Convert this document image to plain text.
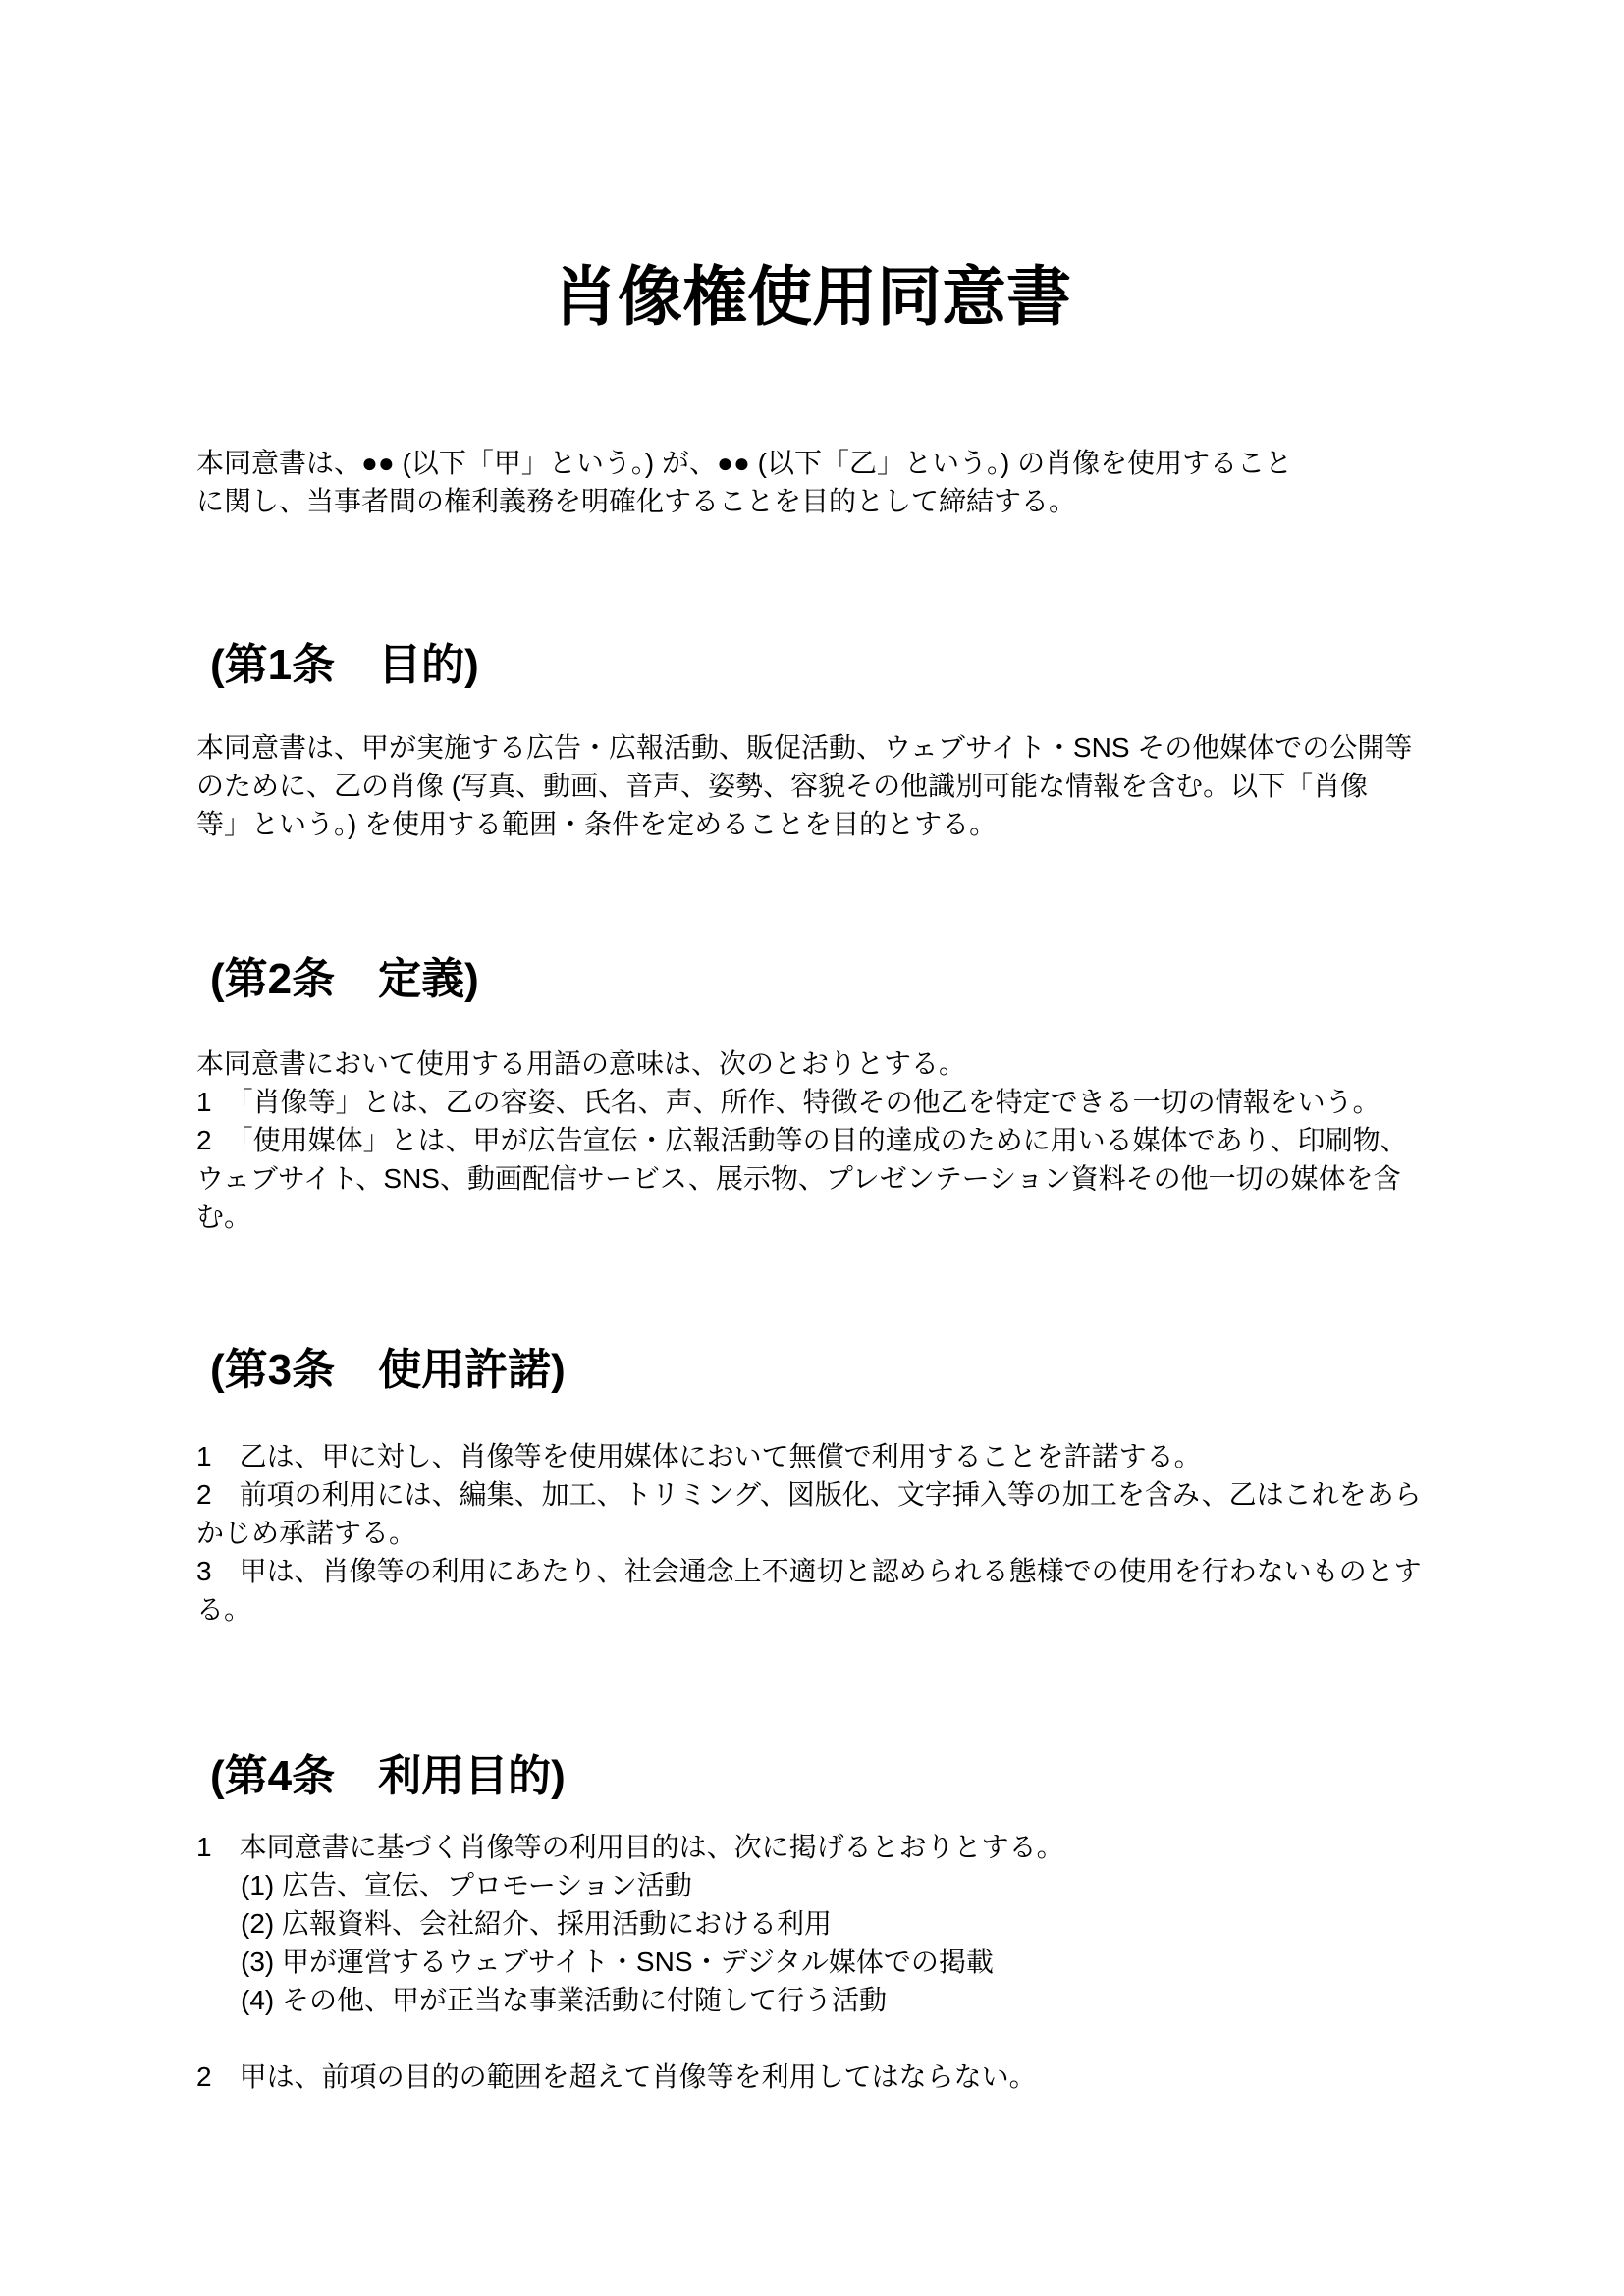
肖像権使用同意書
本同意書は、●● (以下「甲」という。) が、●● (以下「乙」という。) の肖像を使用すること
に関し、当事者間の権利義務を明確化することを目的として締結する。
(第1条　目的)
本同意書は、甲が実施する広告・広報活動、販促活動、ウェブサイト・SNS その他媒体での公開等
のために、乙の肖像 (写真、動画、音声、姿勢、容貌その他識別可能な情報を含む。以下「肖像
等」という。) を使用する範囲・条件を定めることを目的とする。
(第2条　定義)
本同意書において使用する用語の意味は、次のとおりとする。
1　「肖像等」とは、乙の容姿、氏名、声、所作、特徴その他乙を特定できる一切の情報をいう。
2　「使用媒体」とは、甲が広告宣伝・広報活動等の目的達成のために用いる媒体であり、印刷物、
ウェブサイト、SNS、動画配信サービス、展示物、プレゼンテーション資料その他一切の媒体を含
む。
(第3条　使用許諾)
1　乙は、甲に対し、肖像等を使用媒体において無償で利用することを許諾する。
2　前項の利用には、編集、加工、トリミング、図版化、文字挿入等の加工を含み、乙はこれをあら
かじめ承諾する。
3　甲は、肖像等の利用にあたり、社会通念上不適切と認められる態様での使用を行わないものとす
る。
(第4条　利用目的)
1　本同意書に基づく肖像等の利用目的は、次に掲げるとおりとする。
(1) 広告、宣伝、プロモーション活動
(2) 広報資料、会社紹介、採用活動における利用
(3) 甲が運営するウェブサイト・SNS・デジタル媒体での掲載
(4) その他、甲が正当な事業活動に付随して行う活動
2　甲は、前項の目的の範囲を超えて肖像等を利用してはならない。
